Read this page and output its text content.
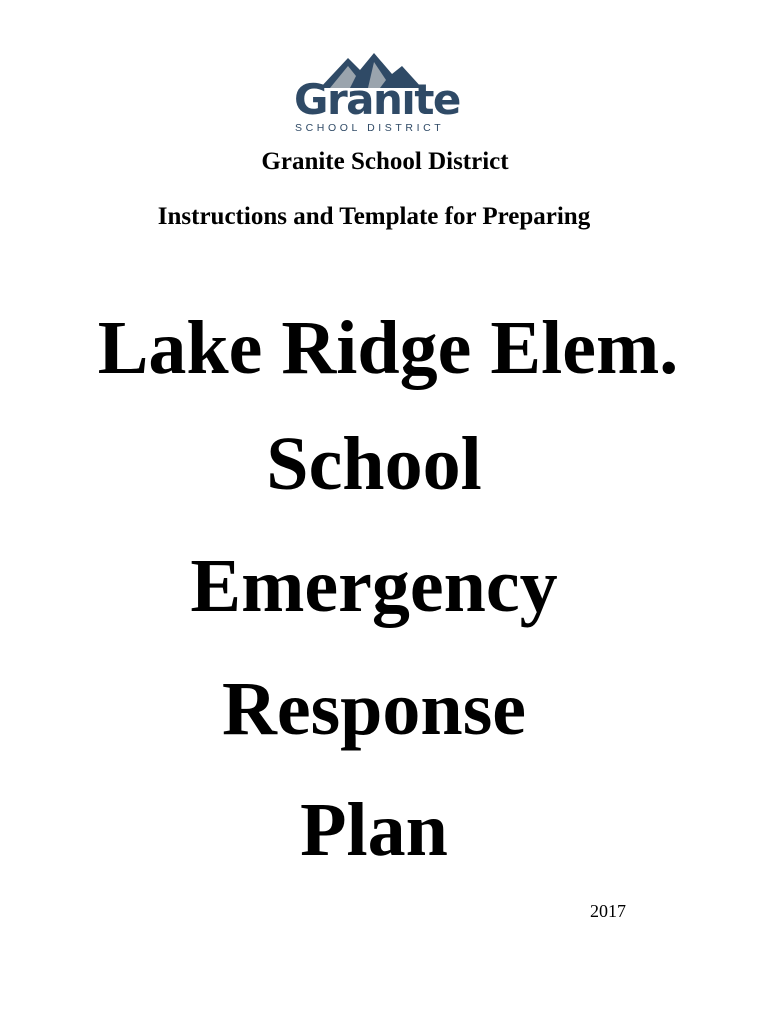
Granite
SCHOOL DISTRICT
Granite School District
Instructions and Template for Preparing
Lake Ridge Elem.
School
Emergency
Response
Plan
2017
